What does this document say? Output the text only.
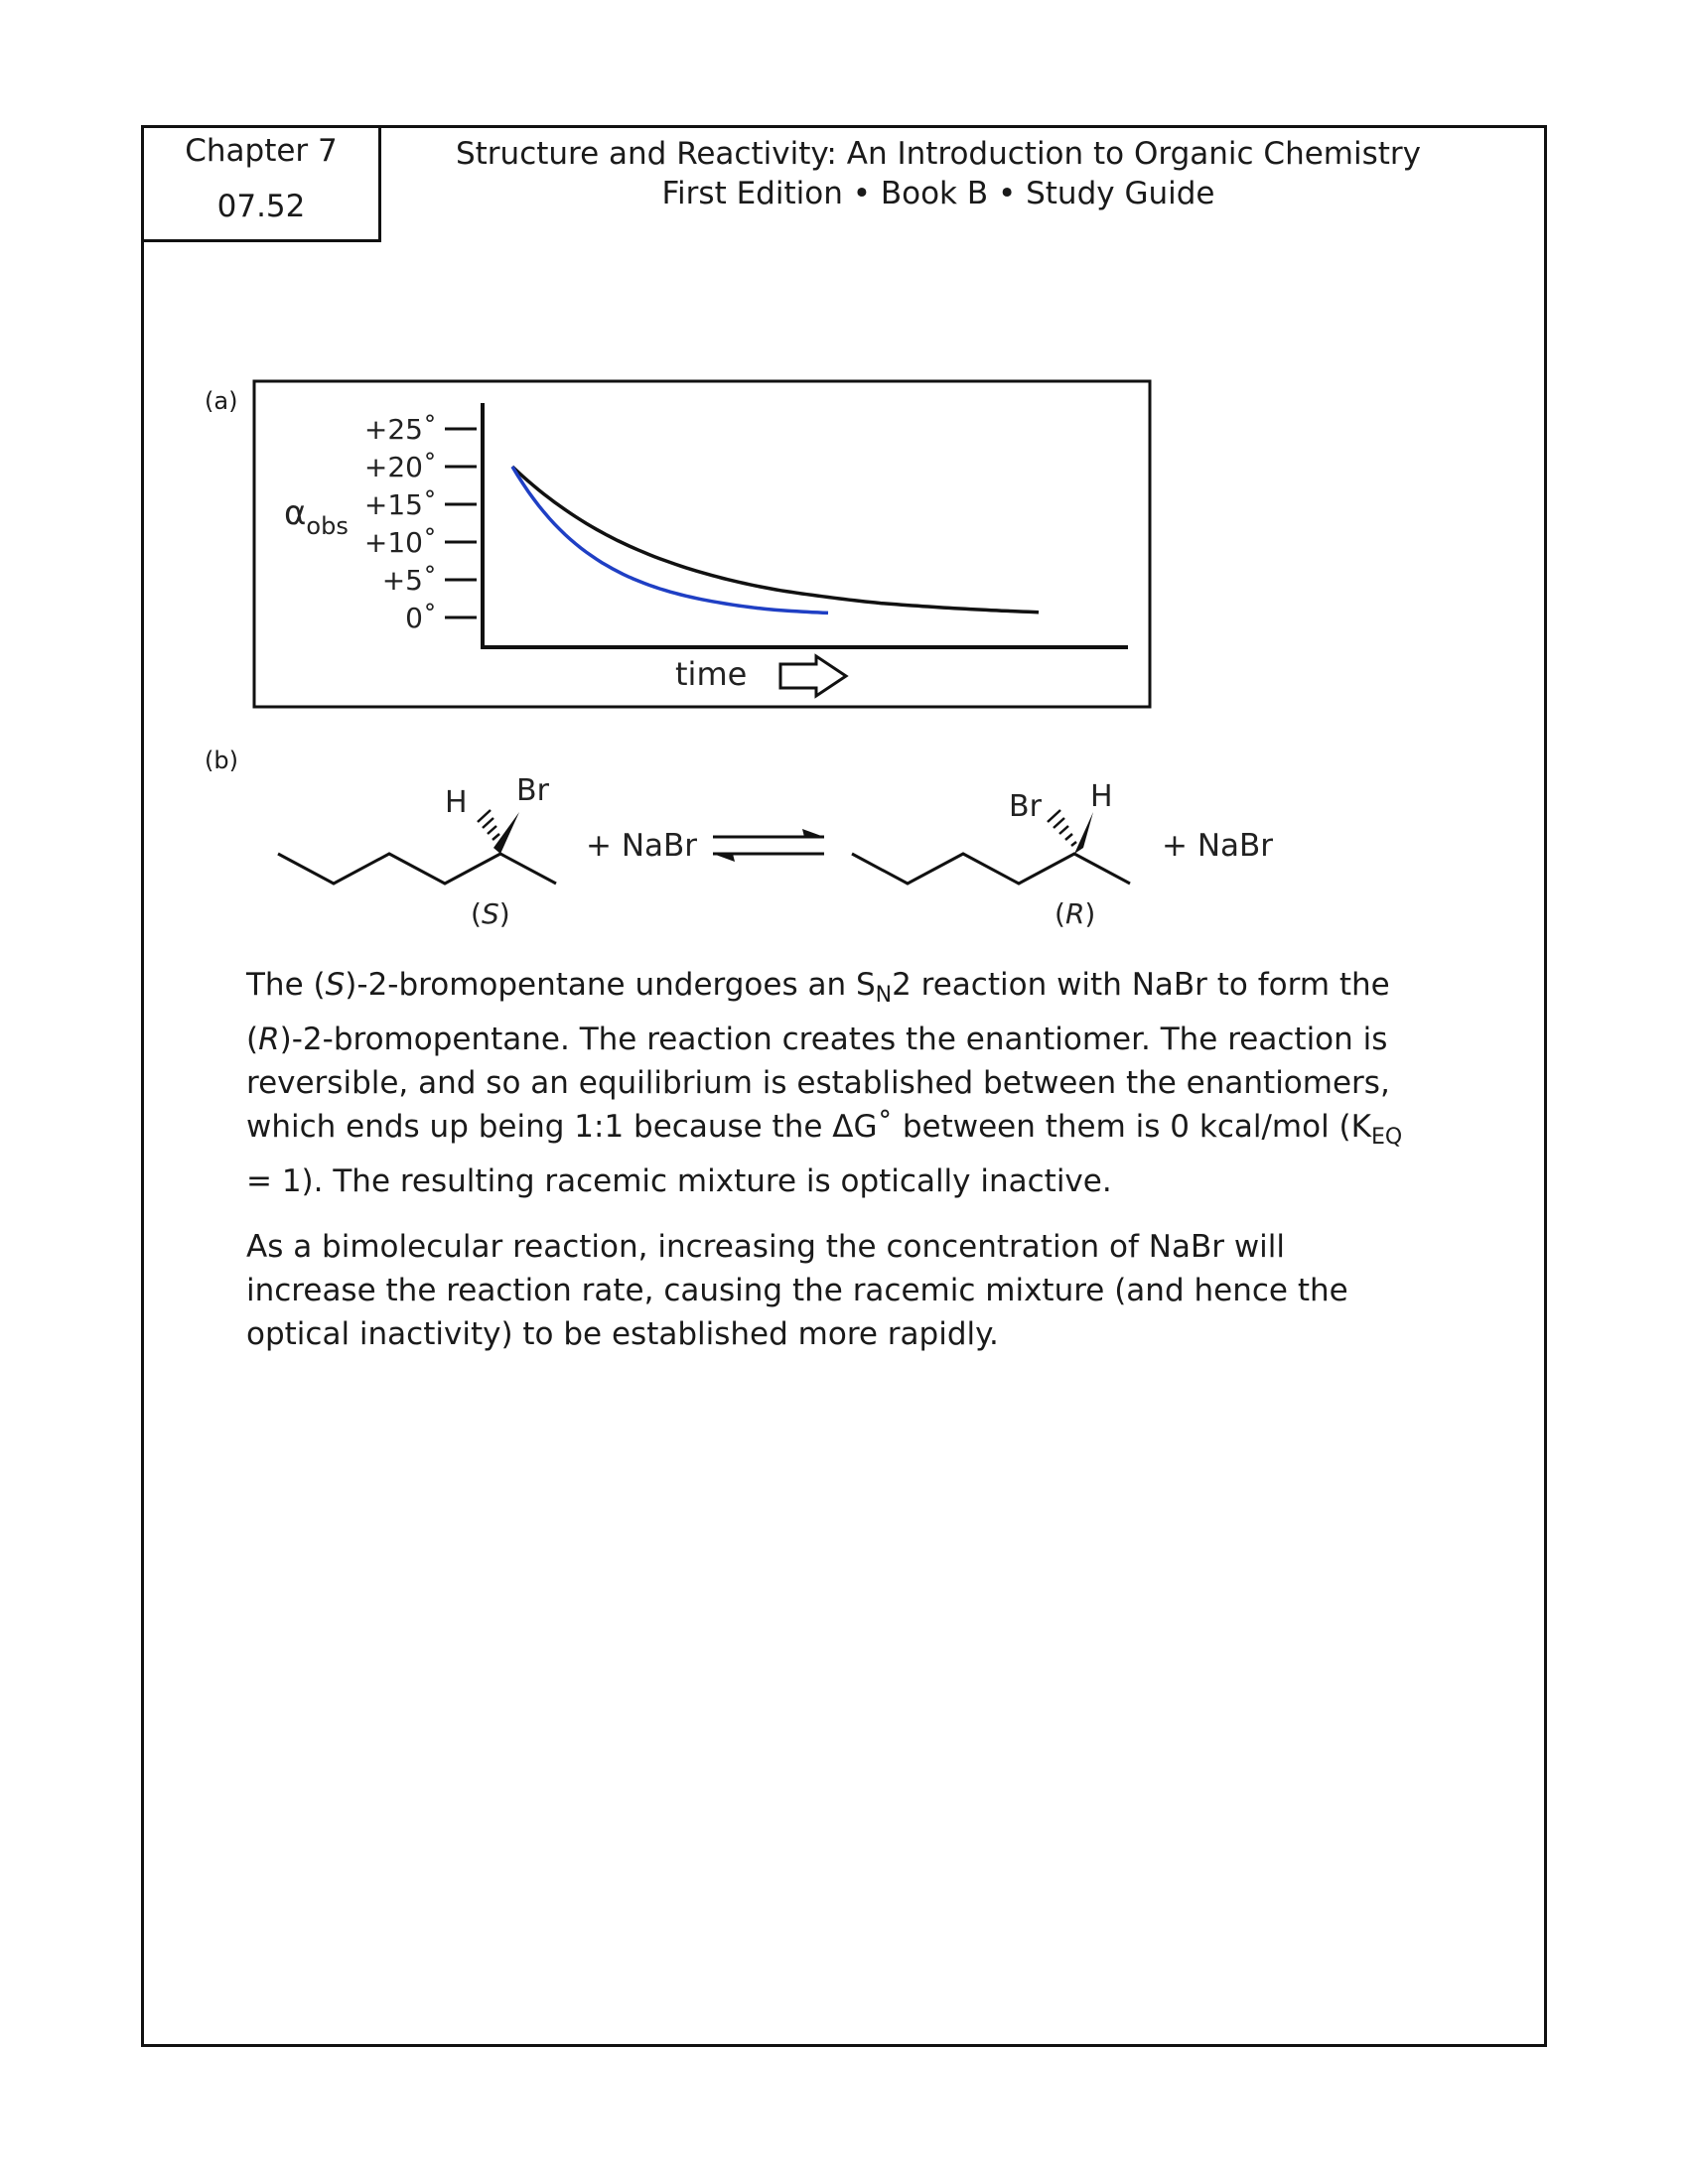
Chapter 7
07.52
Structure and Reactivity: An Introduction to Organic Chemistry
First Edition • Book B • Study Guide
(a)
(b)
$\alpha_{obs}$
+25˚
+20˚
+15˚
+10˚
+5˚
0˚
time
H Br
(S)
+ NaBr
Br H
(R)
+ NaBr
The (S)-2-bromopentane undergoes an $S_N2$ reaction with NaBr to form the (R)-2-bromopentane. The reaction creates the enantiomer. The reaction is reversible, and so an equilibrium is established between the enantiomers, which ends up being 1:1 because the ΔG˚ between them is 0 kcal/mol $(K_{EQ} = 1)$. The resulting racemic mixture is optically inactive.
As a bimolecular reaction, increasing the concentration of NaBr will increase the reaction rate, causing the racemic mixture (and hence the optical inactivity) to be established more rapidly.
